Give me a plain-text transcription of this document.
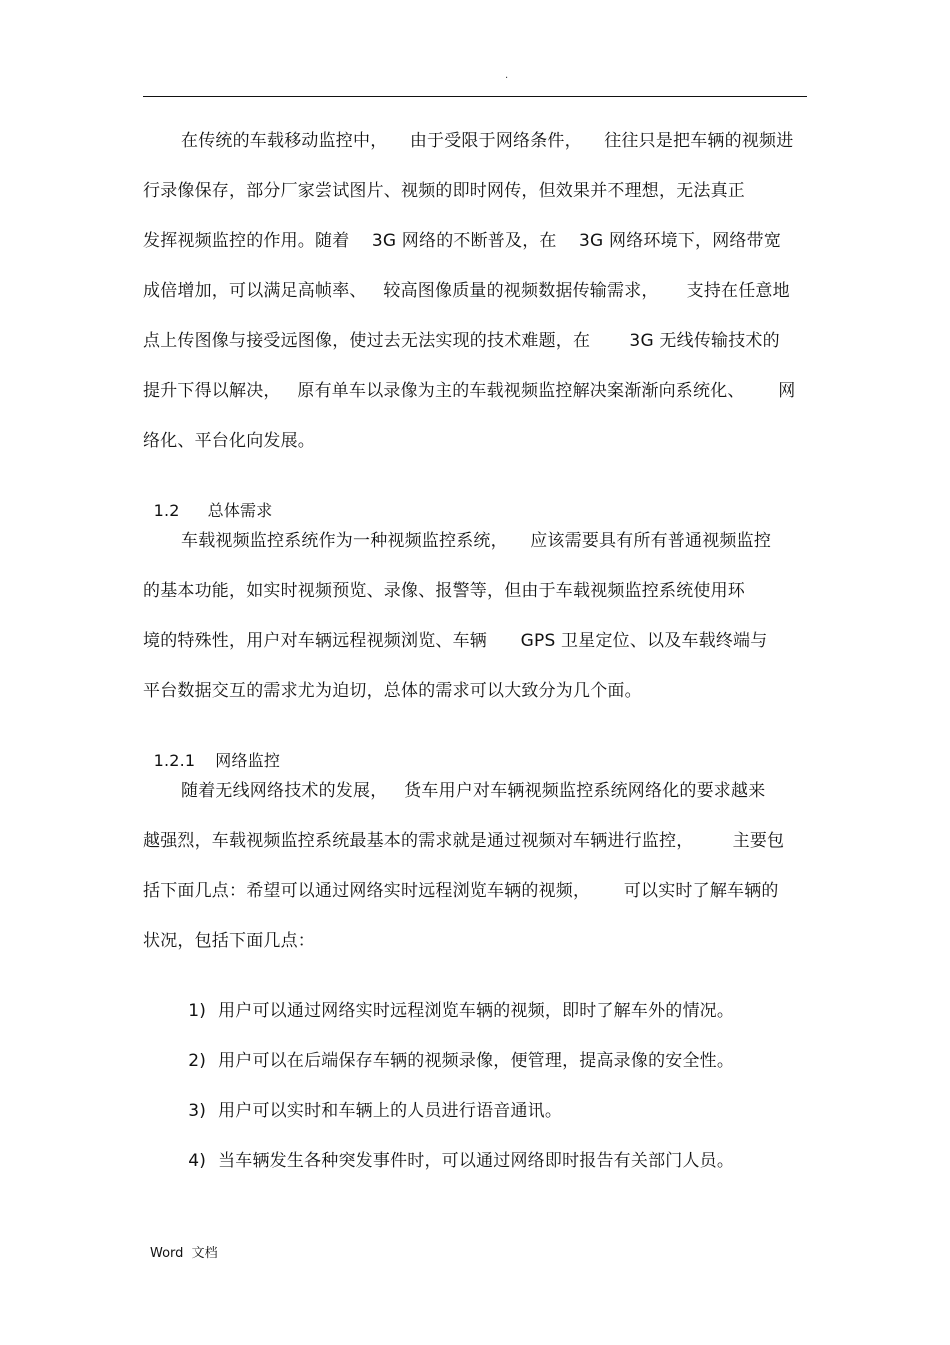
.
在传统的车载移动监控中，    由于受限于网络条件，    往往只是把车辆的视频进
行录像保存，部分厂家尝试图片、视频的即时网传，但效果并不理想，无法真正
发挥视频监控的作用。随着    3G 网络的不断普及，在    3G 网络环境下，网络带宽
成倍增加，可以满足高帧率、   较高图像质量的视频数据传输需求，     支持在任意地
点上传图像与接受远图像，使过去无法实现的技术难题，在       3G 无线传输技术的
提升下得以解决，   原有单车以录像为主的车载视频监控解决案渐渐向系统化、      网
络化、平台化向发展。

1.2 总体需求

车载视频监控系统作为一种视频监控系统，    应该需要具有所有普通视频监控
的基本功能，如实时视频预览、录像、报警等，但由于车载视频监控系统使用环
境的特殊性，用户对车辆远程视频浏览、车辆      GPS 卫星定位、以及车载终端与
平台数据交互的需求尤为迫切，总体的需求可以大致分为几个面。

1.2.1 网络监控

随着无线网络技术的发展，   货车用户对车辆视频监控系统网络化的要求越来
越强烈，车载视频监控系统最基本的需求就是通过视频对车辆进行监控，       主要包
括下面几点：希望可以通过网络实时远程浏览车辆的视频，      可以实时了解车辆的
状况，包括下面几点：

1) 用户可以通过网络实时远程浏览车辆的视频，即时了解车外的情况。

2) 用户可以在后端保存车辆的视频录像，便管理，提高录像的安全性。

3) 用户可以实时和车辆上的人员进行语音通讯。

4) 当车辆发生各种突发事件时，可以通过网络即时报告有关部门人员。

Word  文档
